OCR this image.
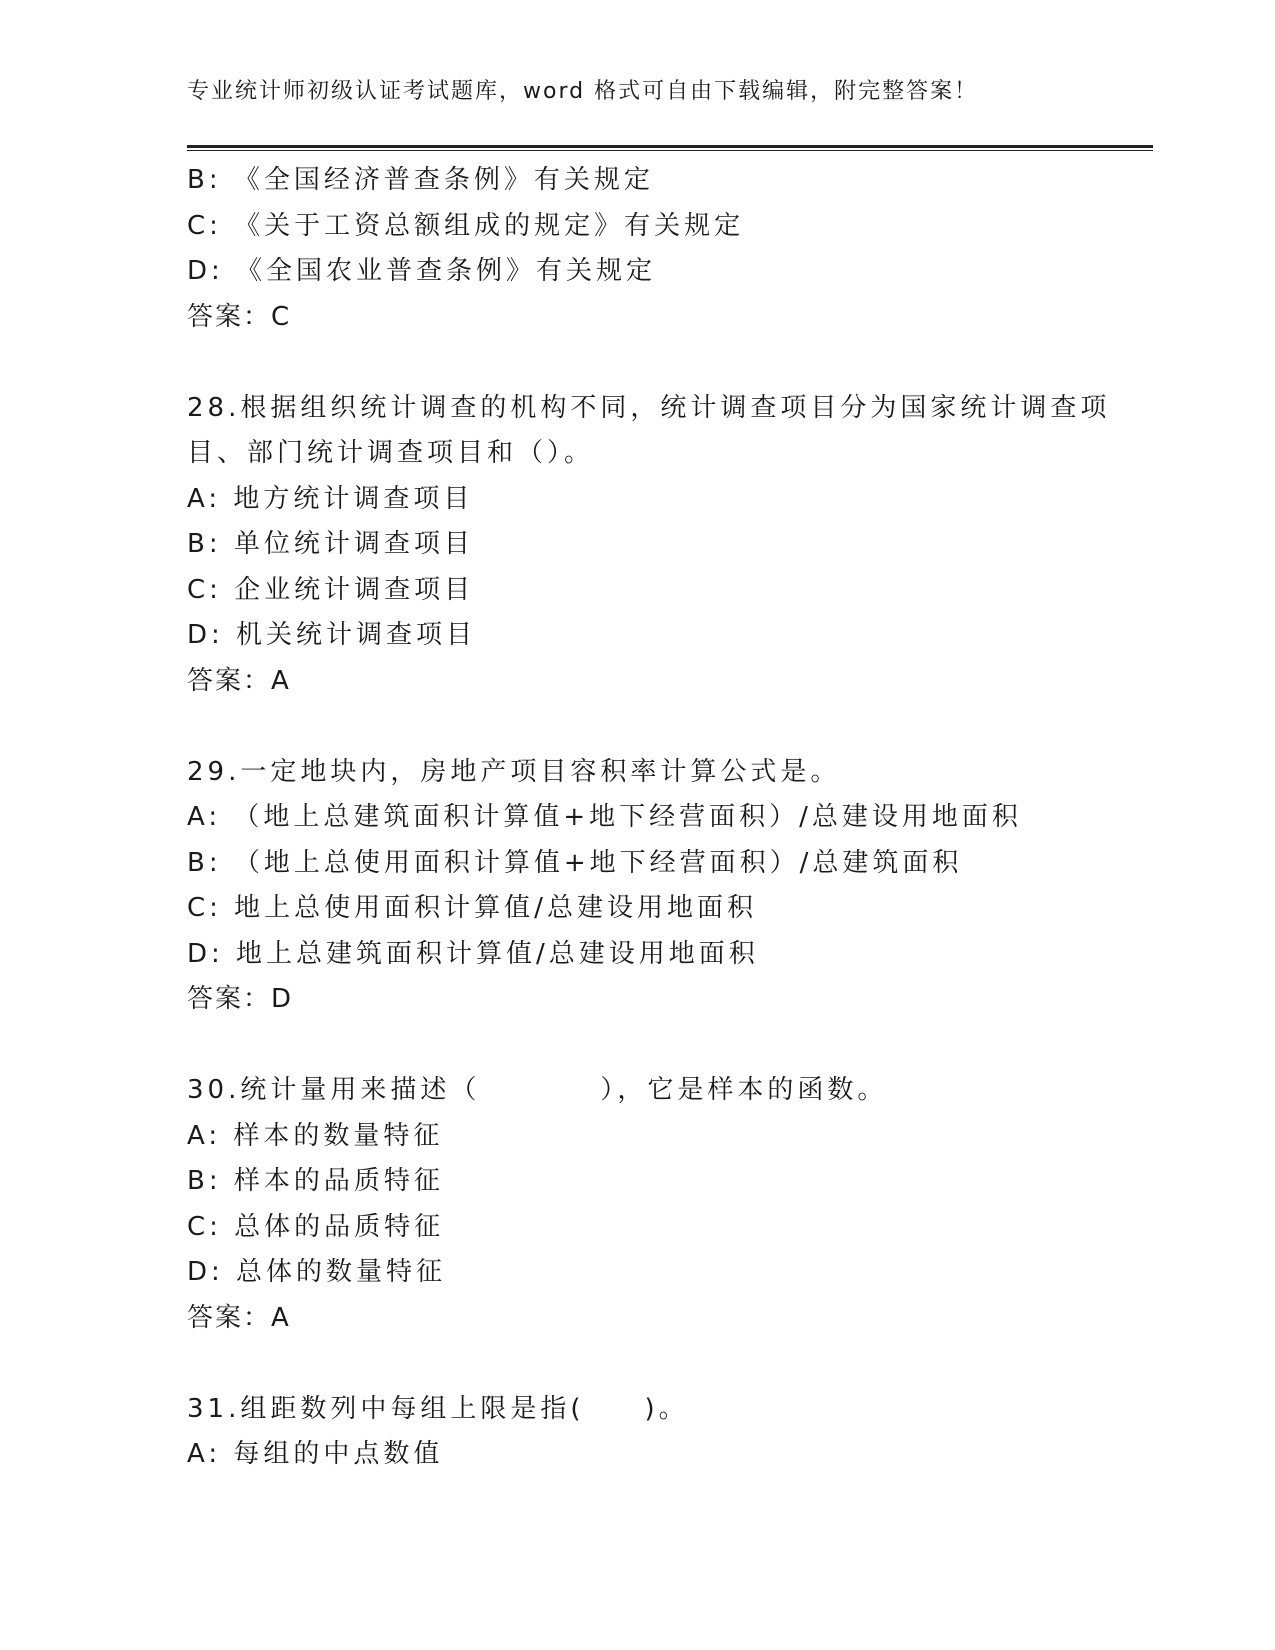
专业统计师初级认证考试题库，word 格式可自由下载编辑，附完整答案！
B: 《全国经济普查条例》有关规定
C: 《关于工资总额组成的规定》有关规定
D: 《全国农业普查条例》有关规定
答案：C
28.根据组织统计调查的机构不同，统计调查项目分为国家统计调查项
目、部门统计调查项目和（）。
A: 地方统计调查项目
B: 单位统计调查项目
C: 企业统计调查项目
D: 机关统计调查项目
答案：A
29.一定地块内，房地产项目容积率计算公式是。
A: （地上总建筑面积计算值+地下经营面积）/总建设用地面积
B: （地上总使用面积计算值+地下经营面积）/总建筑面积
C: 地上总使用面积计算值/总建设用地面积
D: 地上总建筑面积计算值/总建设用地面积
答案：D
30.统计量用来描述（　　　　），它是样本的函数。
A: 样本的数量特征
B: 样本的品质特征
C: 总体的品质特征
D: 总体的数量特征
答案：A
31.组距数列中每组上限是指(　　)。
A: 每组的中点数值
